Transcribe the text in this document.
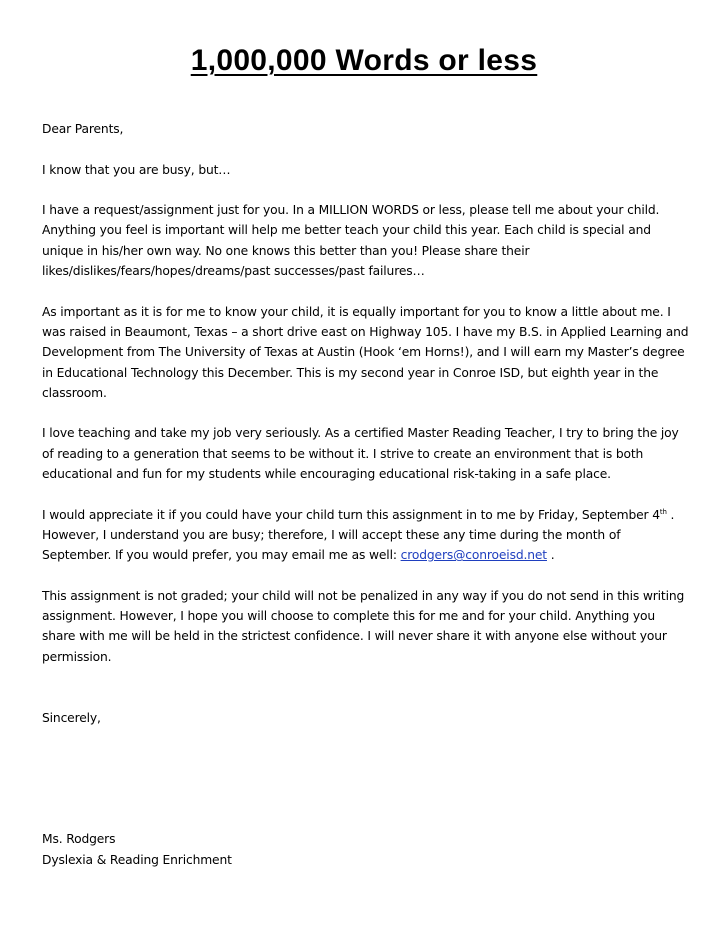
1,000,000 Words or less

Dear Parents,

I know that you are busy, but…

I have a request/assignment just for you. In a MILLION WORDS or less, please tell me about your child. Anything you feel is important will help me better teach your child this year. Each child is special and unique in his/her own way. No one knows this better than you! Please share their likes/dislikes/fears/hopes/dreams/past successes/past failures…

As important as it is for me to know your child, it is equally important for you to know a little about me. I was raised in Beaumont, Texas – a short drive east on Highway 105. I have my B.S. in Applied Learning and Development from The University of Texas at Austin (Hook ‘em Horns!), and I will earn my Master’s degree in Educational Technology this December. This is my second year in Conroe ISD, but eighth year in the classroom.

I love teaching and take my job very seriously. As a certified Master Reading Teacher, I try to bring the joy of reading to a generation that seems to be without it. I strive to create an environment that is both educational and fun for my students while encouraging educational risk-taking in a safe place.

I would appreciate it if you could have your child turn this assignment in to me by Friday, September 4th . However, I understand you are busy; therefore, I will accept these any time during the month of September. If you would prefer, you may email me as well: crodgers@conroeisd.net .

This assignment is not graded; your child will not be penalized in any way if you do not send in this writing assignment. However, I hope you will choose to complete this for me and for your child. Anything you share with me will be held in the strictest confidence. I will never share it with anyone else without your permission.

Sincerely,

Ms. Rodgers
Dyslexia & Reading Enrichment
